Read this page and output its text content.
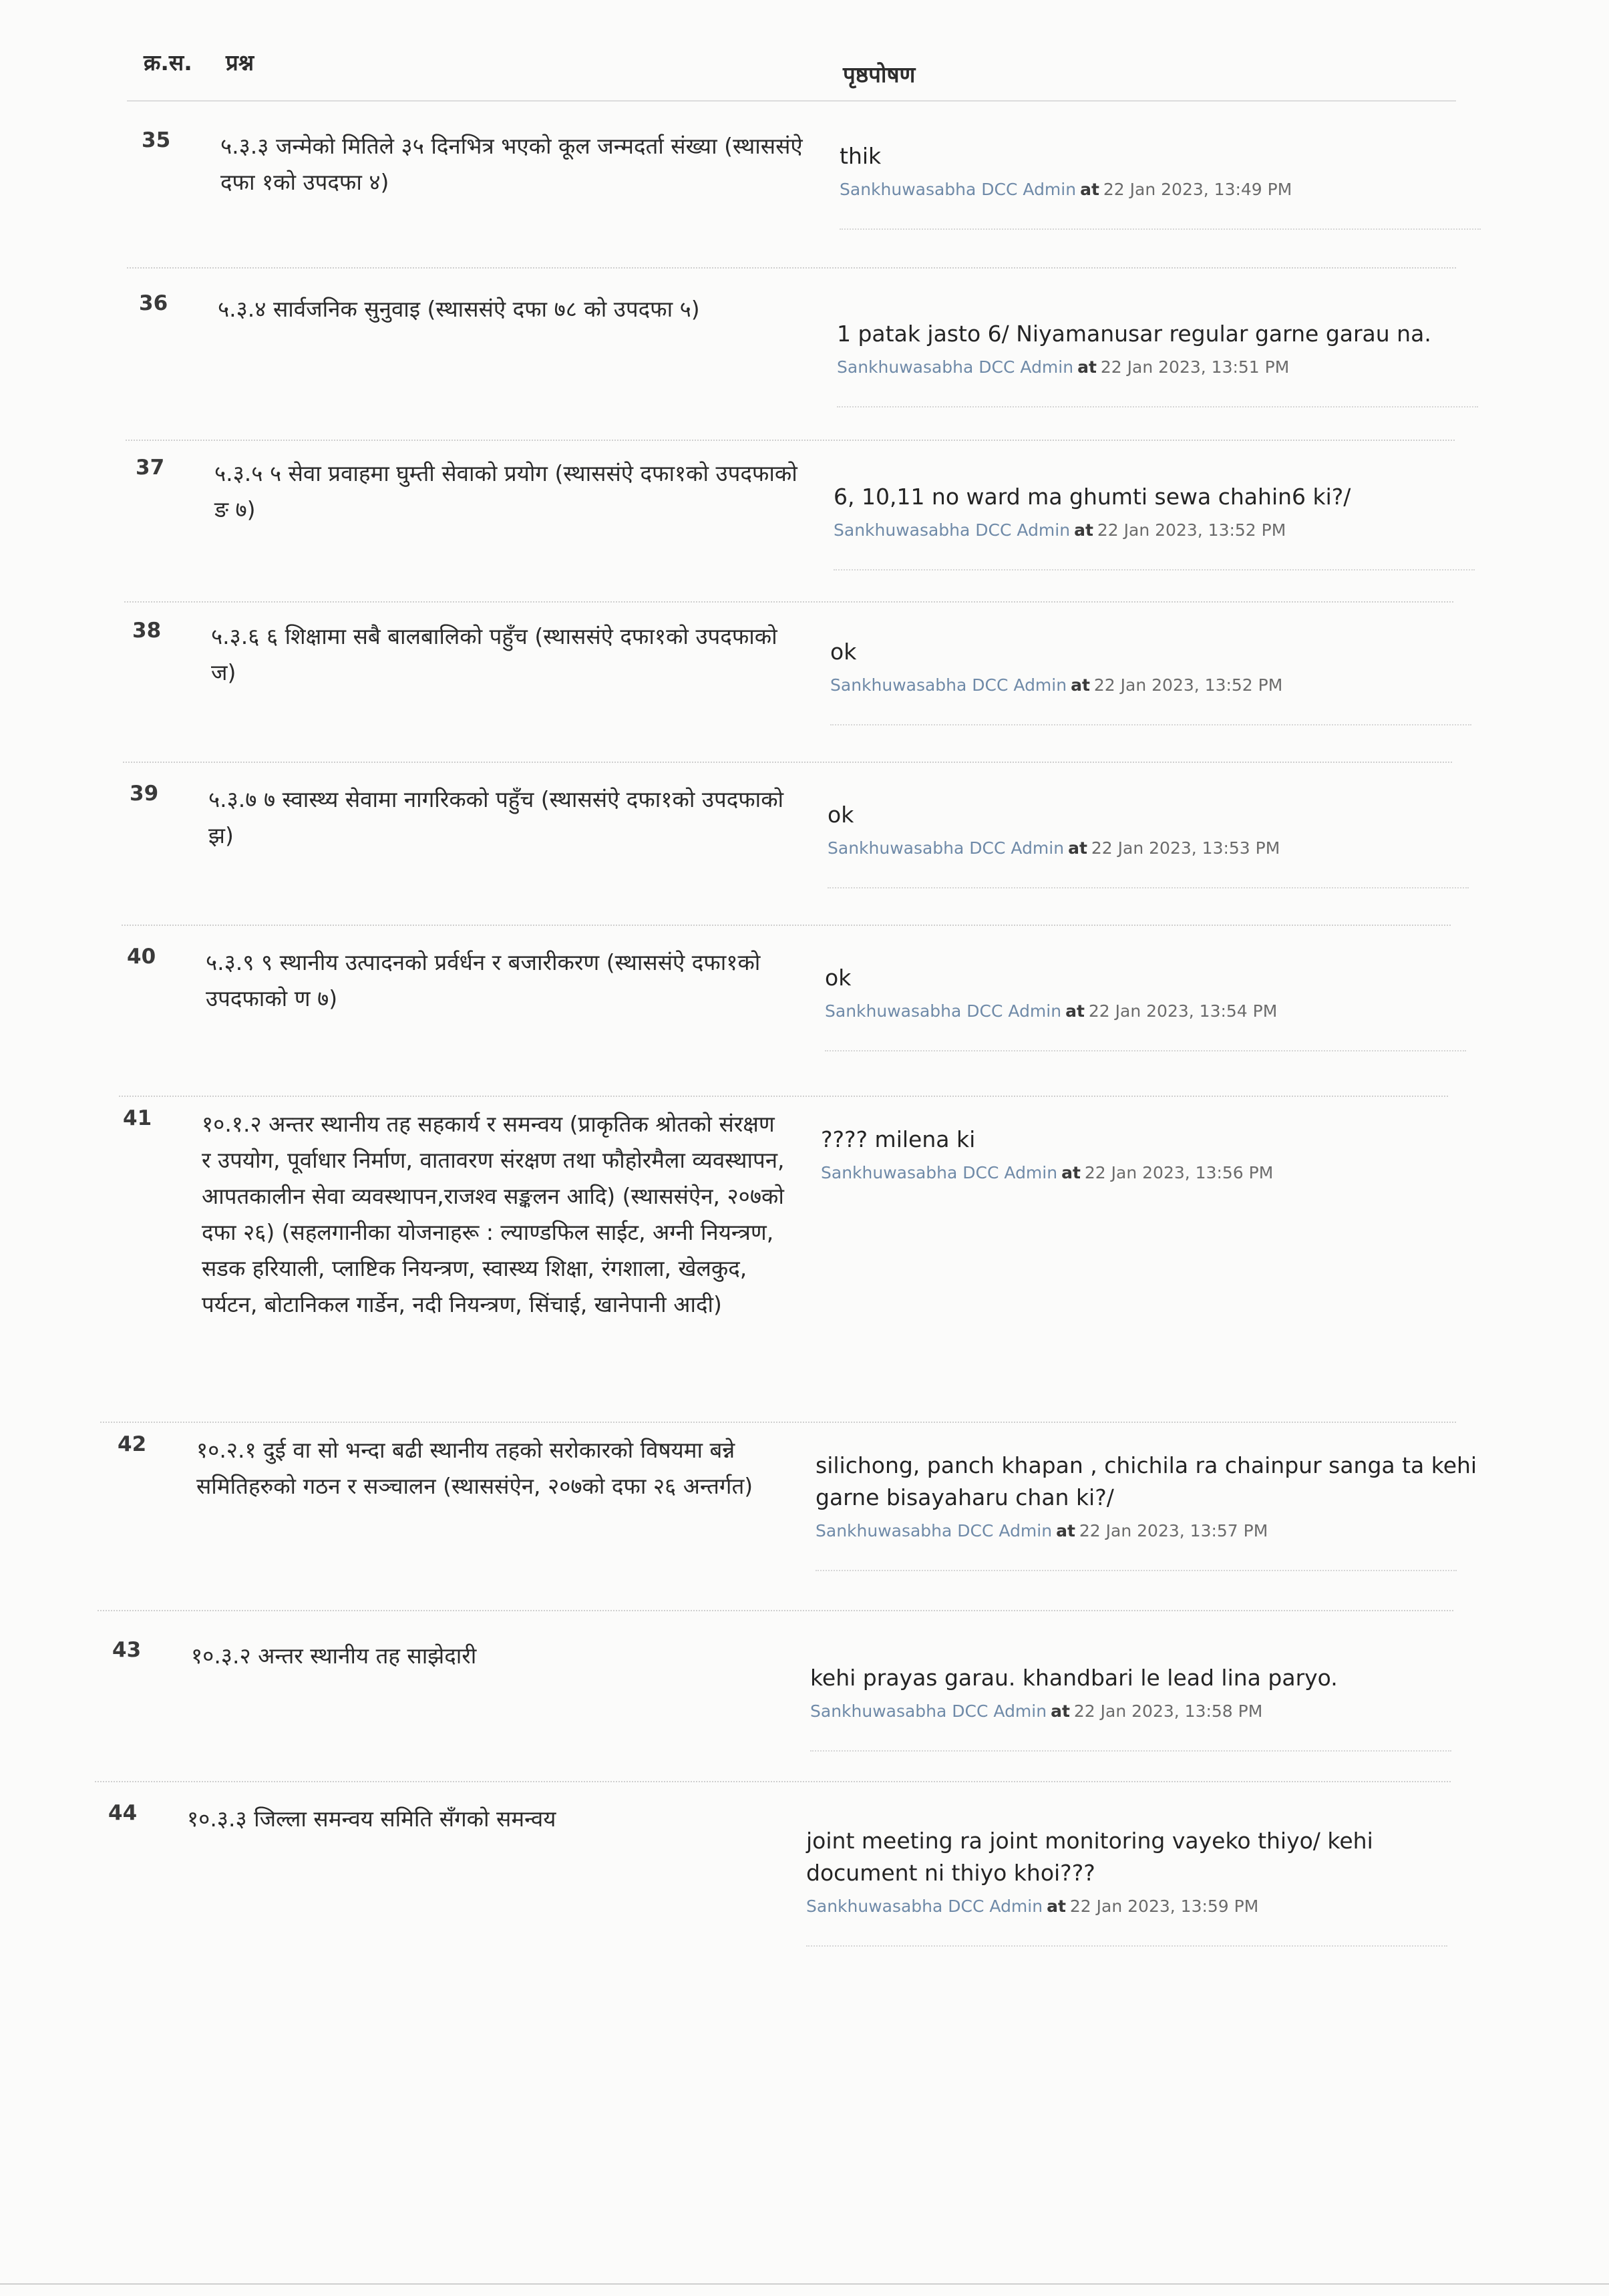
क्र.स. प्रश्न	पृष्ठपोषण
35 ५.३.३ जन्मेको मितिले ३५ दिनभित्र भएको कूल जन्मदर्ता संख्या (स्थाससंऐ दफा १को उपदफा ४)
thik
Sankhuwasabha DCC Admin at 22 Jan 2023, 13:49 PM
36 ५.३.४ सार्वजनिक सुनुवाइ (स्थाससंऐ दफा ७८ को उपदफा ५)
1 patak jasto 6/ Niyamanusar regular garne garau na.
Sankhuwasabha DCC Admin at 22 Jan 2023, 13:51 PM
37 ५.३.५ ५ सेवा प्रवाहमा घुम्ती सेवाको प्रयोग (स्थाससंऐ दफा१को उपदफाको ङ ७)	6, 10,11 no ward ma ghumti sewa chahin6 ki?/
Sankhuwasabha DCC Admin at 22 Jan 2023, 13:52 PM
38 ५.३.६ ६ शिक्षामा सबै बालबालिको पहुँच (स्थाससंऐ दफा१को उपदफाको ज)
ok
Sankhuwasabha DCC Admin at 22 Jan 2023, 13:52 PM
39 ५.३.७ ७ स्वास्थ्य सेवामा नागरिकको पहुँच (स्थाससंऐ दफा१को उपदफाको झ)
ok
Sankhuwasabha DCC Admin at 22 Jan 2023, 13:53 PM
40 ५.३.९ ९ स्थानीय उत्पादनको प्रर्वर्धन र बजारीकरण (स्थाससंऐ दफा१को उपदफाको ण ७)
ok
Sankhuwasabha DCC Admin at 22 Jan 2023, 13:54 PM
41 १०.१.२ अन्तर स्थानीय तह सहकार्य र समन्वय (प्राकृतिक श्रोतको संरक्षण र उपयोग, पूर्वाधार निर्माण, वातावरण संरक्षण तथा फौहोरमैला व्यवस्थापन, आपतकालीन सेवा व्यवस्थापन,राजश्व सङ्कलन आदि) (स्थाससंऐन, २०७को दफा २६) (सहलगानीका योजनाहरू : ल्याण्डफिल साईट, अग्नी नियन्त्रण, सडक हरियाली, प्लाष्टिक नियन्त्रण, स्वास्थ्य शिक्षा, रंगशाला, खेलकुद, पर्यटन, बोटानिकल गार्डेन, नदी नियन्त्रण, सिंचाई, खानेपानी आदी)
???? milena ki
Sankhuwasabha DCC Admin at 22 Jan 2023, 13:56 PM
42 १०.२.१ दुई वा सो भन्दा बढी स्थानीय तहको सरोकारको विषयमा बन्ने समितिहरुको गठन र सञ्चालन (स्थाससंऐन, २०७को दफा २६ अन्तर्गत)
silichong, panch khapan , chichila ra chainpur sanga ta kehi garne bisayaharu chan ki?/
Sankhuwasabha DCC Admin at 22 Jan 2023, 13:57 PM
43 १०.३.२ अन्तर स्थानीय तह साझेदारी
kehi prayas garau. khandbari le lead lina paryo.
Sankhuwasabha DCC Admin at 22 Jan 2023, 13:58 PM
44 १०.३.३ जिल्ला समन्वय समिति सँगको समन्वय
joint meeting ra joint monitoring vayeko thiyo/ kehi document ni thiyo khoi???
Sankhuwasabha DCC Admin at 22 Jan 2023, 13:59 PM
